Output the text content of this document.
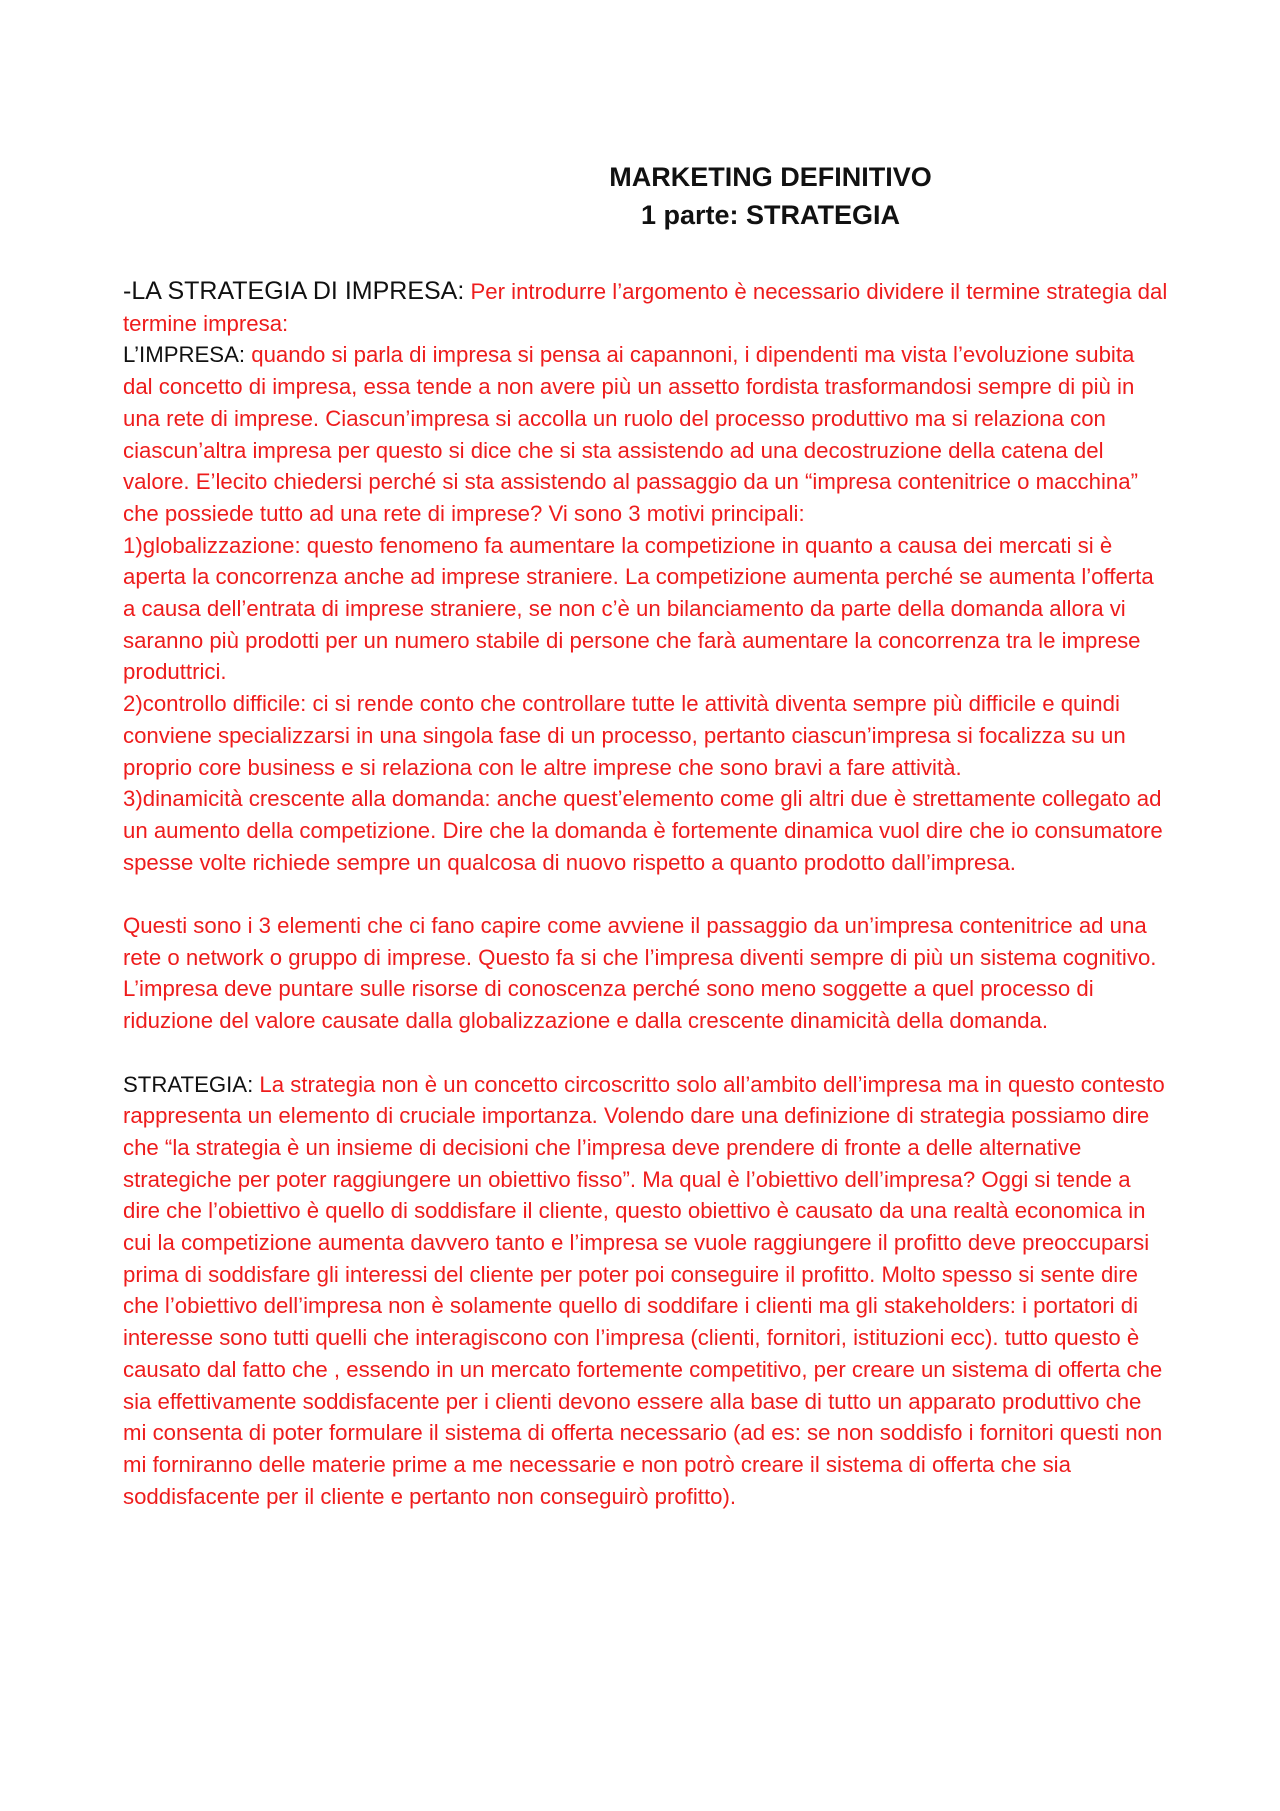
MARKETING DEFINITIVO
1 parte: STRATEGIA

-LA STRATEGIA DI IMPRESA: Per introdurre l’argomento è necessario dividere il termine strategia dal termine impresa:

L’IMPRESA: quando si parla di impresa si pensa ai capannoni, i dipendenti ma vista l’evoluzione subita dal concetto di impresa, essa tende a non avere più un assetto fordista trasformandosi sempre di più in una rete di imprese. Ciascun’impresa si accolla un ruolo del processo produttivo ma si relaziona con ciascun’altra impresa per questo si dice che si sta assistendo ad una decostruzione della catena del valore. E’lecito chiedersi perché si sta assistendo al passaggio da un “impresa contenitrice o macchina” che possiede tutto ad una rete di imprese? Vi sono 3 motivi principali:

1)globalizzazione: questo fenomeno fa aumentare la competizione in quanto a causa dei mercati si è aperta la concorrenza anche ad imprese straniere. La competizione aumenta perché se aumenta l’offerta a causa dell’entrata di imprese straniere, se non c’è un bilanciamento da parte della domanda allora vi saranno più prodotti per un numero stabile di persone che farà aumentare la concorrenza tra le imprese produttrici.

2)controllo difficile: ci si rende conto che controllare tutte le attività diventa sempre più difficile e quindi conviene specializzarsi in una singola fase di un processo, pertanto ciascun’impresa si focalizza su un proprio core business e si relaziona con le altre imprese che sono bravi a fare attività.

3)dinamicità crescente alla domanda: anche quest’elemento come gli altri due è strettamente collegato ad un aumento della competizione. Dire che la domanda è fortemente dinamica vuol dire che io consumatore spesse volte richiede sempre un qualcosa di nuovo rispetto a quanto prodotto dall’impresa.

Questi sono i 3 elementi che ci fano capire come avviene il passaggio da un’impresa contenitrice ad una rete o network o gruppo di imprese. Questo fa si che l’impresa diventi sempre di più un sistema cognitivo. L’impresa deve puntare sulle risorse di conoscenza perché sono meno soggette a quel processo di riduzione del valore causate dalla globalizzazione e dalla crescente dinamicità della domanda.

STRATEGIA: La strategia non è un concetto circoscritto solo all’ambito dell’impresa ma in questo contesto rappresenta un elemento di cruciale importanza. Volendo dare una definizione di strategia possiamo dire che “la strategia è un insieme di decisioni che l’impresa deve prendere di fronte a delle alternative strategiche per poter raggiungere un obiettivo fisso”. Ma qual è l’obiettivo dell’impresa? Oggi si tende a dire che l’obiettivo è quello di soddisfare il cliente, questo obiettivo è causato da una realtà economica in cui la competizione aumenta davvero tanto e l’impresa se vuole raggiungere il profitto deve preoccuparsi prima di soddisfare gli interessi del cliente per poter poi conseguire il profitto. Molto spesso si sente dire che l’obiettivo dell’impresa non è solamente quello di soddifare i clienti ma gli stakeholders: i portatori di interesse sono tutti quelli che interagiscono con l’impresa (clienti, fornitori, istituzioni ecc). tutto questo è causato dal fatto che , essendo in un mercato fortemente competitivo, per creare un sistema di offerta che sia effettivamente soddisfacente per i clienti devono essere alla base di tutto un apparato produttivo che mi consenta di poter formulare il sistema di offerta necessario (ad es: se non soddisfo i fornitori questi non mi forniranno delle materie prime a me necessarie e non potrò creare il sistema di offerta che sia soddisfacente per il cliente e pertanto non conseguirò profitto).
